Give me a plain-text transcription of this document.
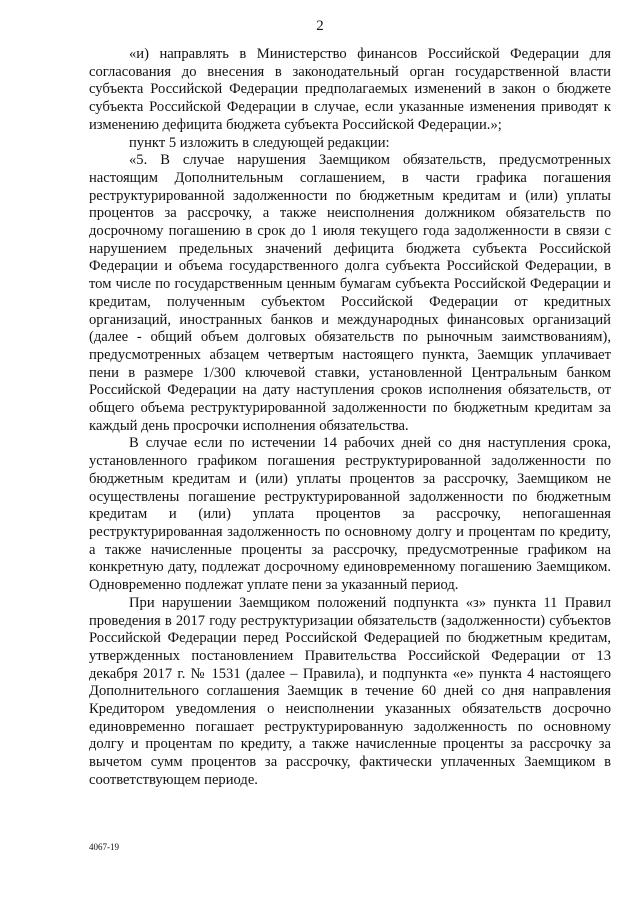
2

«и) направлять в Министерство финансов Российской Федерации для согласования до внесения в законодательный орган государственной власти субъекта Российской Федерации предполагаемых изменений в закон о бюджете субъекта Российской Федерации в случае, если указанные изменения приводят к изменению дефицита бюджета субъекта Российской Федерации.»;

пункт 5 изложить в следующей редакции:

«5. В случае нарушения Заемщиком обязательств, предусмотренных настоящим Дополнительным соглашением, в части графика погашения реструктурированной задолженности по бюджетным кредитам и (или) уплаты процентов за рассрочку, а также неисполнения должником обязательств по досрочному погашению в срок до 1 июля текущего года задолженности в связи с нарушением предельных значений дефицита бюджета субъекта Российской Федерации и объема государственного долга субъекта Российской Федерации, в том числе по государственным ценным бумагам субъекта Российской Федерации и кредитам, полученным субъектом Российской Федерации от кредитных организаций, иностранных банков и международных финансовых организаций (далее - общий объем долговых обязательств по рыночным заимствованиям), предусмотренных абзацем четвертым настоящего пункта, Заемщик уплачивает пени в размере 1/300 ключевой ставки, установленной Центральным банком Российской Федерации на дату наступления сроков исполнения обязательств, от общего объема реструктурированной задолженности по бюджетным кредитам за каждый день просрочки исполнения обязательства.

В случае если по истечении 14 рабочих дней со дня наступления срока, установленного графиком погашения реструктурированной задолженности по бюджетным кредитам и (или) уплаты процентов за рассрочку, Заемщиком не осуществлены погашение реструктурированной задолженности по бюджетным кредитам и (или) уплата процентов за рассрочку, непогашенная реструктурированная задолженность по основному долгу и процентам по кредиту, а также начисленные проценты за рассрочку, предусмотренные графиком на конкретную дату, подлежат досрочному единовременному погашению Заемщиком. Одновременно подлежат уплате пени за указанный период.

При нарушении Заемщиком положений подпункта «з» пункта 11 Правил проведения в 2017 году реструктуризации обязательств (задолженности) субъектов Российской Федерации перед Российской Федерацией по бюджетным кредитам, утвержденных постановлением Правительства Российской Федерации от 13 декабря 2017 г. № 1531 (далее – Правила), и подпункта «е» пункта 4 настоящего Дополнительного соглашения Заемщик в течение 60 дней со дня направления Кредитором уведомления о неисполнении указанных обязательств досрочно единовременно погашает реструктурированную задолженность по основному долгу и процентам по кредиту, а также начисленные проценты за рассрочку за вычетом сумм процентов за рассрочку, фактически уплаченных Заемщиком в соответствующем периоде.

4067-19
